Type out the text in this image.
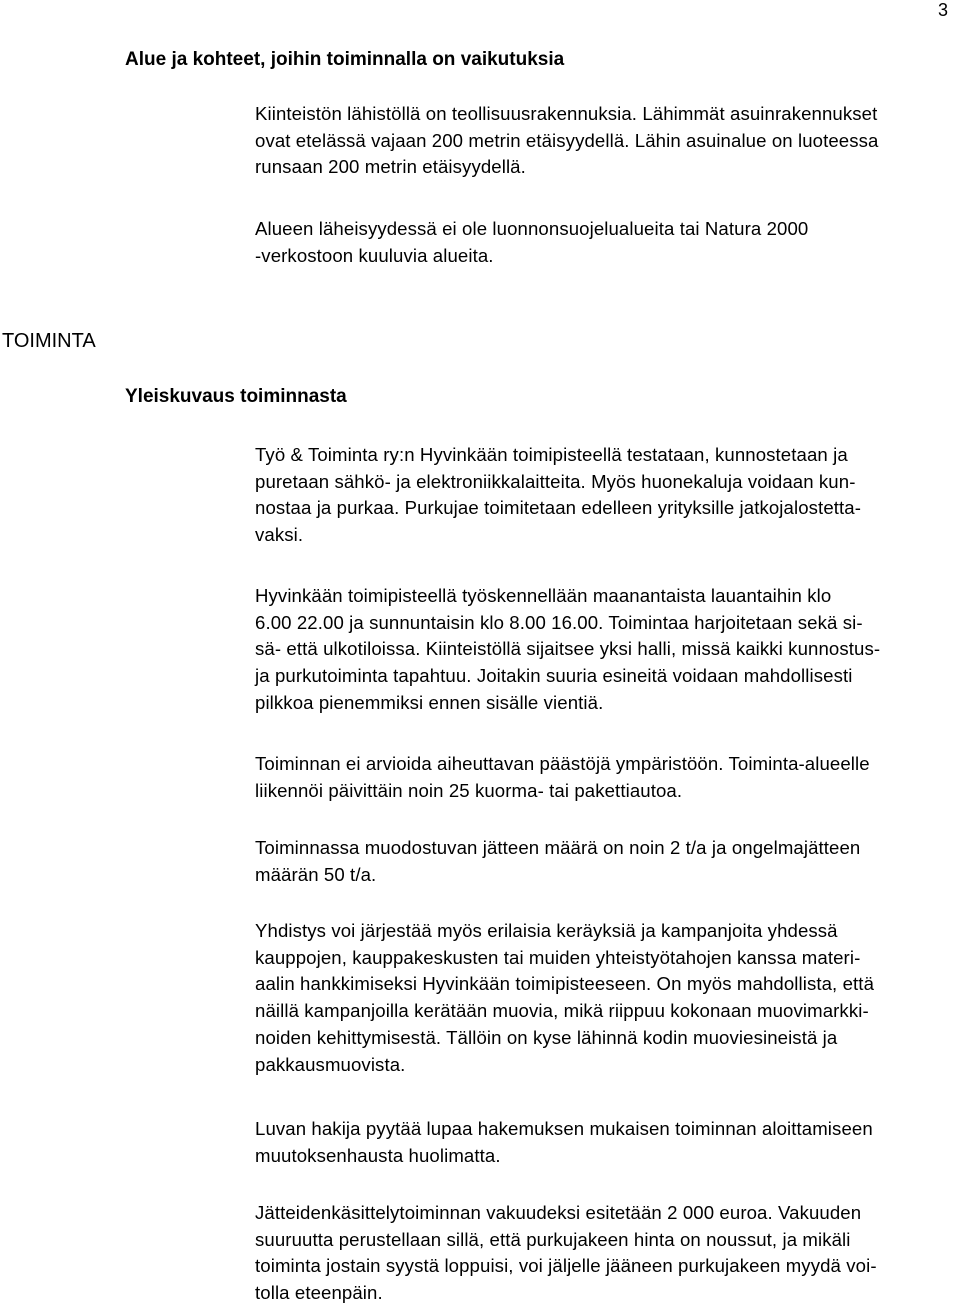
3
Alue ja kohteet, joihin toiminnalla on vaikutuksia
Kiinteistön lähistöllä on teollisuusrakennuksia. Lähimmät asuinrakennukset
ovat etelässä vajaan 200 metrin etäisyydellä. Lähin asuinalue on luoteessa
runsaan 200 metrin etäisyydellä.
Alueen läheisyydessä ei ole luonnonsuojelualueita tai Natura 2000
-verkostoon kuuluvia alueita.
TOIMINTA
Yleiskuvaus toiminnasta
Työ & Toiminta ry:n Hyvinkään toimipisteellä testataan, kunnostetaan ja
puretaan sähkö- ja elektroniikkalaitteita. Myös huonekaluja voidaan kun-
nostaa ja purkaa. Purkujae toimitetaan edelleen yrityksille jatkojalostetta-
vaksi.
Hyvinkään toimipisteellä työskennellään maanantaista lauantaihin klo
6.00 22.00 ja sunnuntaisin klo 8.00 16.00. Toimintaa harjoitetaan sekä si-
sä- että ulkotiloissa. Kiinteistöllä sijaitsee yksi halli, missä kaikki kunnostus-
ja purkutoiminta tapahtuu. Joitakin suuria esineitä voidaan mahdollisesti
pilkkoa pienemmiksi ennen sisälle vientiä.
Toiminnan ei arvioida aiheuttavan päästöjä ympäristöön. Toiminta-alueelle
liikennöi päivittäin noin 25 kuorma- tai pakettiautoa.
Toiminnassa muodostuvan jätteen määrä on noin 2 t/a ja ongelmajätteen
määrän 50 t/a.
Yhdistys voi järjestää myös erilaisia keräyksiä ja kampanjoita yhdessä
kauppojen, kauppakeskusten tai muiden yhteistyötahojen kanssa materi-
aalin hankkimiseksi Hyvinkään toimipisteeseen. On myös mahdollista, että
näillä kampanjoilla kerätään muovia, mikä riippuu kokonaan muovimarkki-
noiden kehittymisestä. Tällöin on kyse lähinnä kodin muoviesineistä ja
pakkausmuovista.
Luvan hakija pyytää lupaa hakemuksen mukaisen toiminnan aloittamiseen
muutoksenhausta huolimatta.
Jätteidenkäsittelytoiminnan vakuudeksi esitetään 2 000 euroa. Vakuuden
suuruutta perustellaan sillä, että purkujakeen hinta on noussut, ja mikäli
toiminta jostain syystä loppuisi, voi jäljelle jääneen purkujakeen myydä voi-
tolla eteenpäin.
